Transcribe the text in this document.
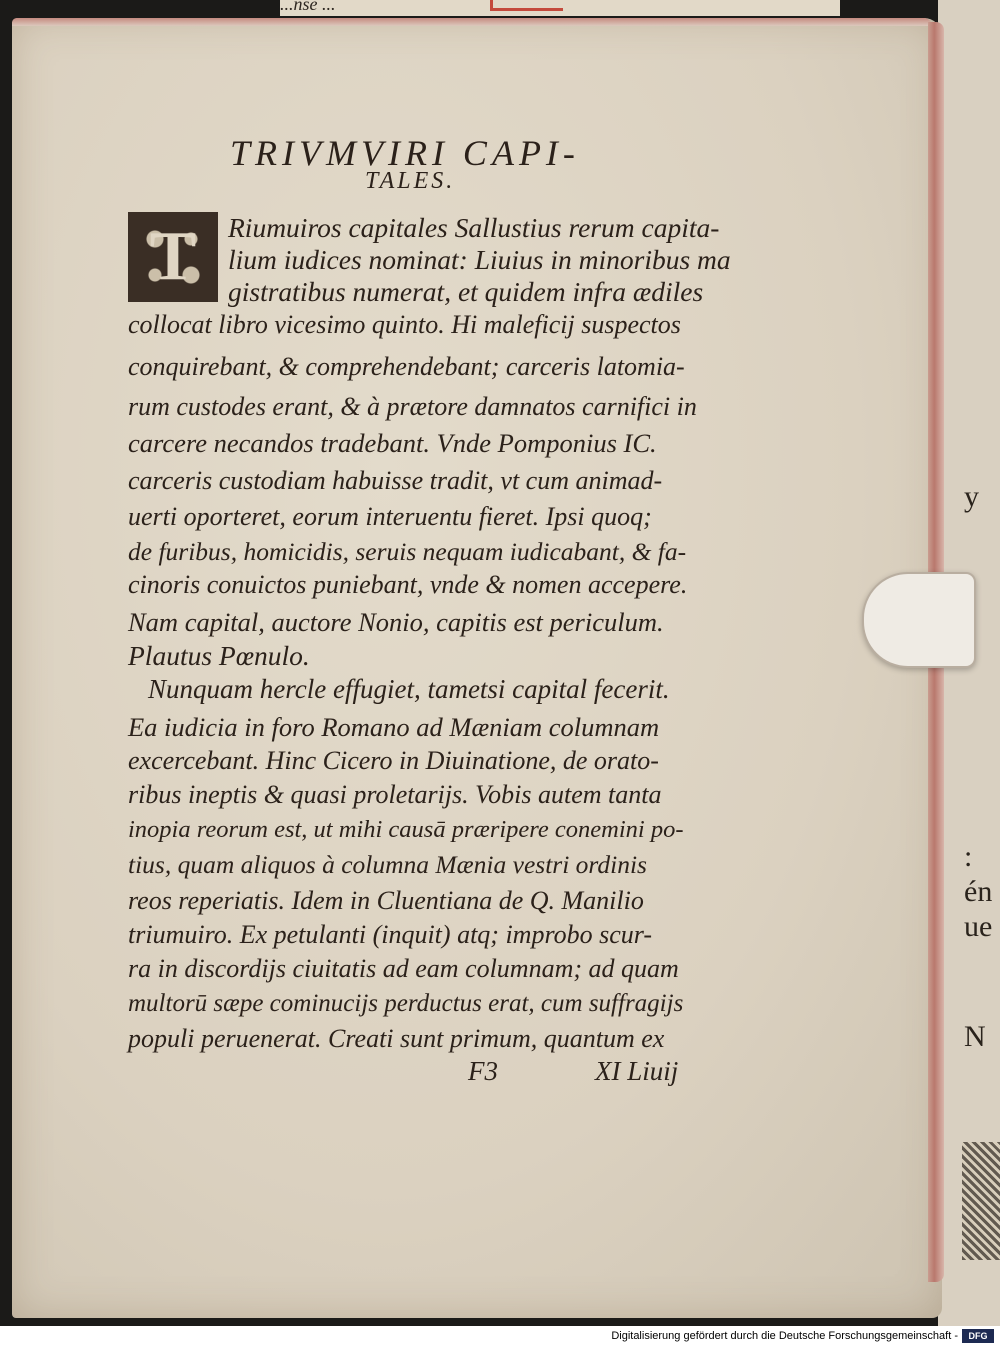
y
:
én
ue
N
...nse ...
TRIVMVIRI CAPI-
TALES.
T Riumuiros capitales Sallustius rerum capita-
lium iudices nominat: Liuius in minoribus ma
gistratibus numerat, et quidem infra ædiles
collocat libro vicesimo quinto. Hi maleficij suspectos
conquirebant, & comprehendebant; carceris latomia-
rum custodes erant, & à prætore damnatos carnifici in
carcere necandos tradebant. Vnde Pomponius IC.
carceris custodiam habuisse tradit, vt cum animad-
uerti oporteret, eorum interuentu fieret. Ipsi quoq;
de furibus, homicidis, seruis nequam iudicabant, & fa-
cinoris conuictos puniebant, vnde & nomen accepere.
Nam capital, auctore Nonio, capitis est periculum.
Plautus Pœnulo.
Nunquam hercle effugiet, tametsi capital fecerit.
Ea iudicia in foro Romano ad Mæniam columnam
excercebant. Hinc Cicero in Diuinatione, de orato-
ribus ineptis & quasi proletarijs. Vobis autem tanta
inopia reorum est, ut mihi causā præripere conemini po-
tius, quam aliquos à columna Mænia vestri ordinis
reos reperiatis. Idem in Cluentiana de Q. Manilio
triumuiro. Ex petulanti (inquit) atq; improbo scur-
ra in discordijs ciuitatis ad eam columnam; ad quam
multorū sæpe cominucijs perductus erat, cum suffragijs
populi peruenerat. Creati sunt primum, quantum ex
F3	XI Liuij
Digitalisierung gefördert durch die Deutsche Forschungsgemeinschaft -	DFG
